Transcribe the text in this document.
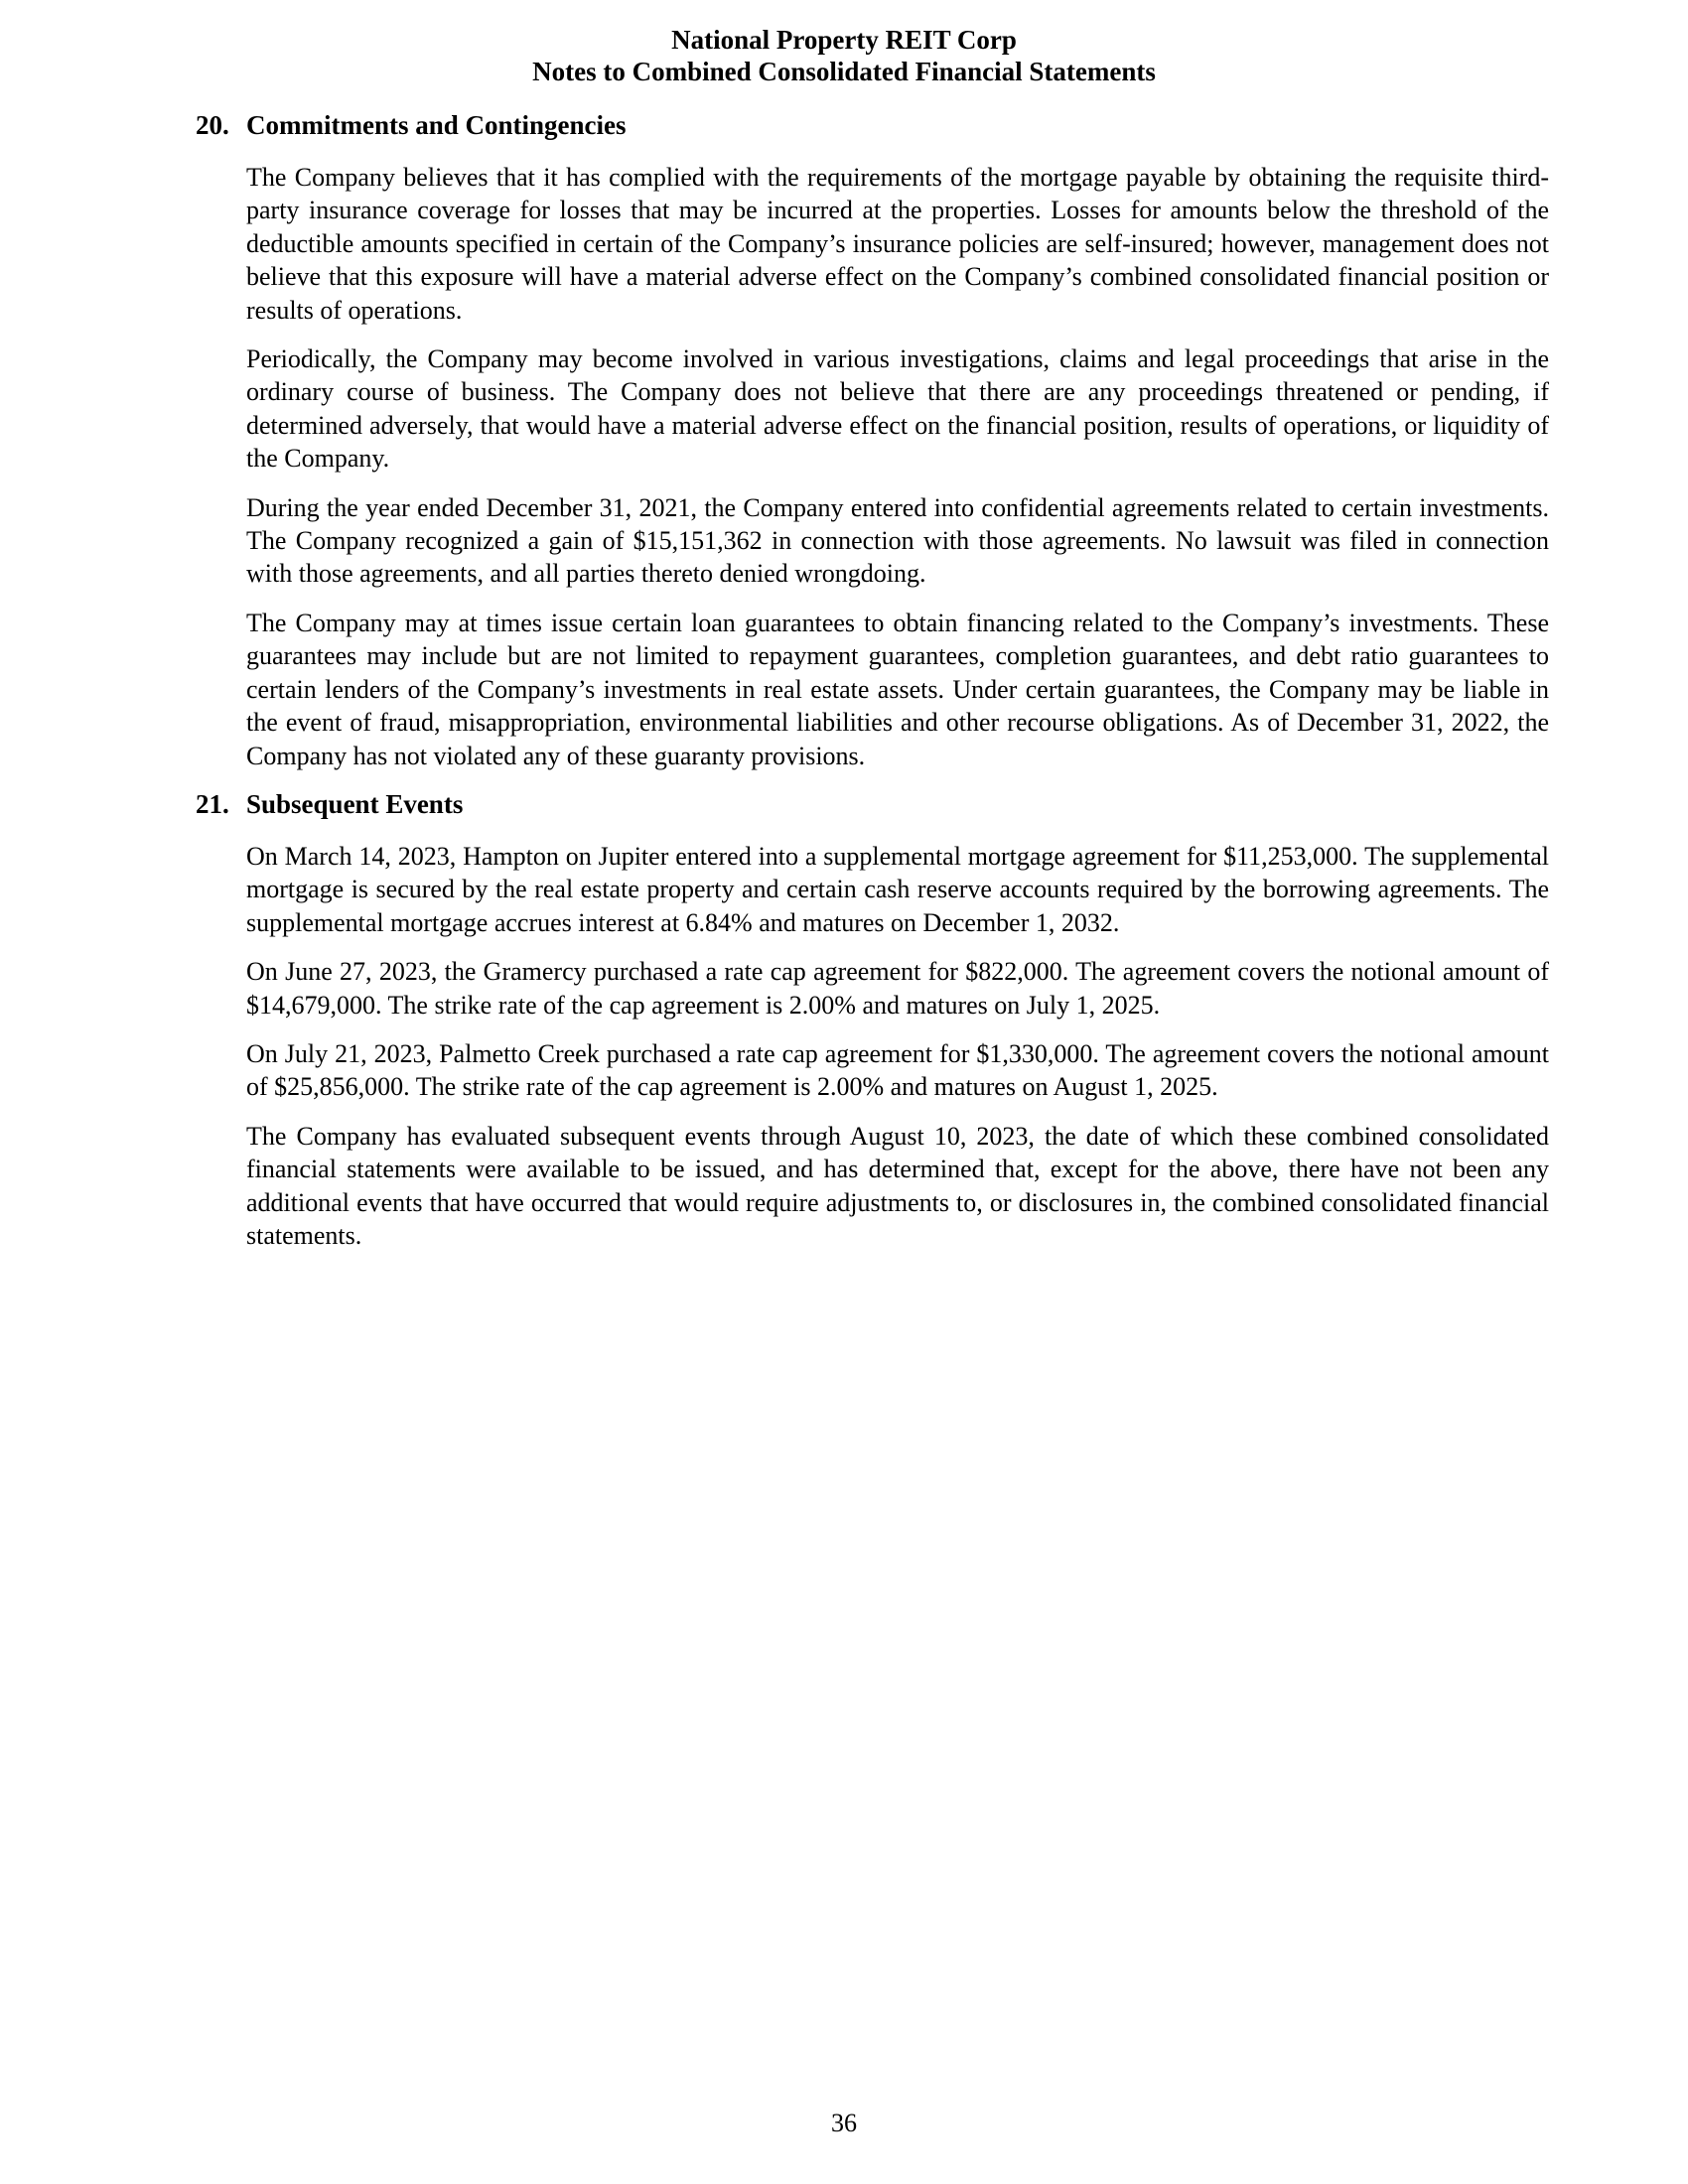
National Property REIT Corp
Notes to Combined Consolidated Financial Statements
20. Commitments and Contingencies

The Company believes that it has complied with the requirements of the mortgage payable by obtaining the requisite third-party insurance coverage for losses that may be incurred at the properties. Losses for amounts below the threshold of the deductible amounts specified in certain of the Company’s insurance policies are self-insured; however, management does not believe that this exposure will have a material adverse effect on the Company’s combined consolidated financial position or results of operations.

Periodically, the Company may become involved in various investigations, claims and legal proceedings that arise in the ordinary course of business. The Company does not believe that there are any proceedings threatened or pending, if determined adversely, that would have a material adverse effect on the financial position, results of operations, or liquidity of the Company.

During the year ended December 31, 2021, the Company entered into confidential agreements related to certain investments. The Company recognized a gain of $15,151,362 in connection with those agreements. No lawsuit was filed in connection with those agreements, and all parties thereto denied wrongdoing.

The Company may at times issue certain loan guarantees to obtain financing related to the Company’s investments. These guarantees may include but are not limited to repayment guarantees, completion guarantees, and debt ratio guarantees to certain lenders of the Company’s investments in real estate assets. Under certain guarantees, the Company may be liable in the event of fraud, misappropriation, environmental liabilities and other recourse obligations. As of December 31, 2022, the Company has not violated any of these guaranty provisions.

21. Subsequent Events

On March 14, 2023, Hampton on Jupiter entered into a supplemental mortgage agreement for $11,253,000. The supplemental mortgage is secured by the real estate property and certain cash reserve accounts required by the borrowing agreements. The supplemental mortgage accrues interest at 6.84% and matures on December 1, 2032.

On June 27, 2023, the Gramercy purchased a rate cap agreement for $822,000. The agreement covers the notional amount of $14,679,000. The strike rate of the cap agreement is 2.00% and matures on July 1, 2025.

On July 21, 2023, Palmetto Creek purchased a rate cap agreement for $1,330,000. The agreement covers the notional amount of $25,856,000. The strike rate of the cap agreement is 2.00% and matures on August 1, 2025.

The Company has evaluated subsequent events through August 10, 2023, the date of which these combined consolidated financial statements were available to be issued, and has determined that, except for the above, there have not been any additional events that have occurred that would require adjustments to, or disclosures in, the combined consolidated financial statements.

36
